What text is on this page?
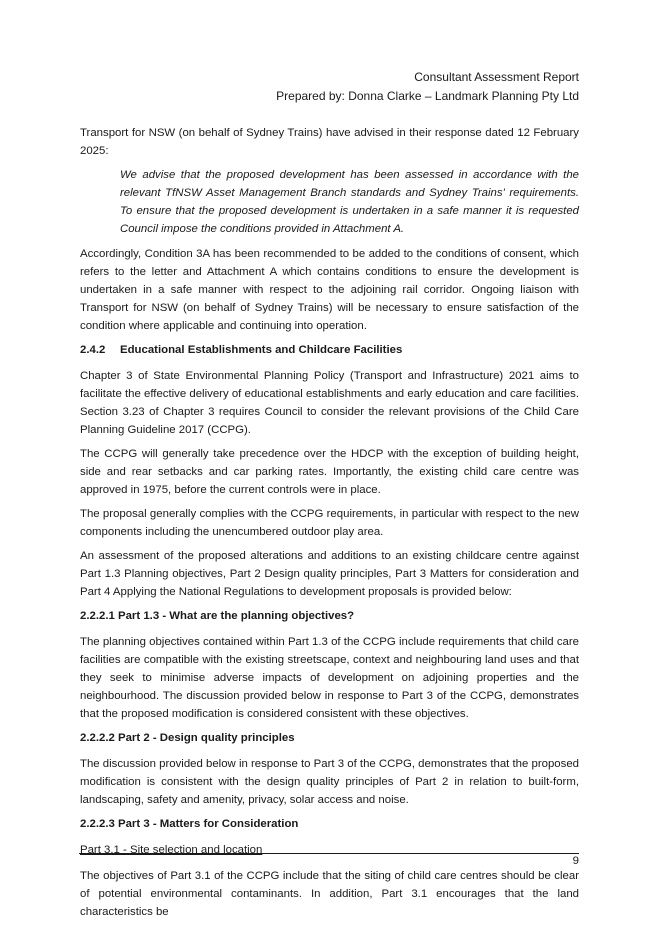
Consultant Assessment Report
Prepared by: Donna Clarke – Landmark Planning Pty Ltd

Transport for NSW (on behalf of Sydney Trains) have advised in their response dated 12 February 2025:

We advise that the proposed development has been assessed in accordance with the relevant TfNSW Asset Management Branch standards and Sydney Trains' requirements. To ensure that the proposed development is undertaken in a safe manner it is requested Council impose the conditions provided in Attachment A.

Accordingly, Condition 3A has been recommended to be added to the conditions of consent, which refers to the letter and Attachment A which contains conditions to ensure the development is undertaken in a safe manner with respect to the adjoining rail corridor. Ongoing liaison with Transport for NSW (on behalf of Sydney Trains) will be necessary to ensure satisfaction of the condition where applicable and continuing into operation.

2.4.2	Educational Establishments and Childcare Facilities

Chapter 3 of State Environmental Planning Policy (Transport and Infrastructure) 2021 aims to facilitate the effective delivery of educational establishments and early education and care facilities. Section 3.23 of Chapter 3 requires Council to consider the relevant provisions of the Child Care Planning Guideline 2017 (CCPG).

The CCPG will generally take precedence over the HDCP with the exception of building height, side and rear setbacks and car parking rates. Importantly, the existing child care centre was approved in 1975, before the current controls were in place.

The proposal generally complies with the CCPG requirements, in particular with respect to the new components including the unencumbered outdoor play area.

An assessment of the proposed alterations and additions to an existing childcare centre against Part 1.3 Planning objectives, Part 2 Design quality principles, Part 3 Matters for consideration and Part 4 Applying the National Regulations to development proposals is provided below:

2.2.2.1 Part 1.3 - What are the planning objectives?

The planning objectives contained within Part 1.3 of the CCPG include requirements that child care facilities are compatible with the existing streetscape, context and neighbouring land uses and that they seek to minimise adverse impacts of development on adjoining properties and the neighbourhood. The discussion provided below in response to Part 3 of the CCPG, demonstrates that the proposed modification is considered consistent with these objectives.

2.2.2.2 Part 2 - Design quality principles

The discussion provided below in response to Part 3 of the CCPG, demonstrates that the proposed modification is consistent with the design quality principles of Part 2 in relation to built-form, landscaping, safety and amenity, privacy, solar access and noise.

2.2.2.3 Part 3 - Matters for Consideration
Part 3.1 - Site selection and location

The objectives of Part 3.1 of the CCPG include that the siting of child care centres should be clear of potential environmental contaminants. In addition, Part 3.1 encourages that the land characteristics be

9
